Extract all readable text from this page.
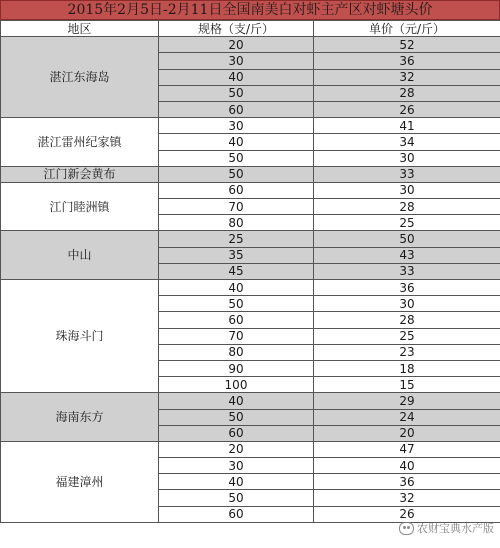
2015年2月5日-2月11日全国南美白对虾主产区对虾塘头价
地区	规格（支/斤）	单价（元/斤）
湛江东海岛	20	52
	30	36
	40	32
	50	28
	60	26
湛江雷州纪家镇	30	41
	40	34
	50	30
江门新会黄布	50	33
江门睦洲镇	60	30
	70	28
	80	25
中山	25	50
	35	43
	45	33
珠海斗门	40	36
	50	30
	60	28
	70	25
	80	23
	90	18
	100	15
海南东方	40	29
	50	24
	60	20
福建漳州	20	47
	30	40
	40	36
	50	32
	60	26
农财宝典水产版
